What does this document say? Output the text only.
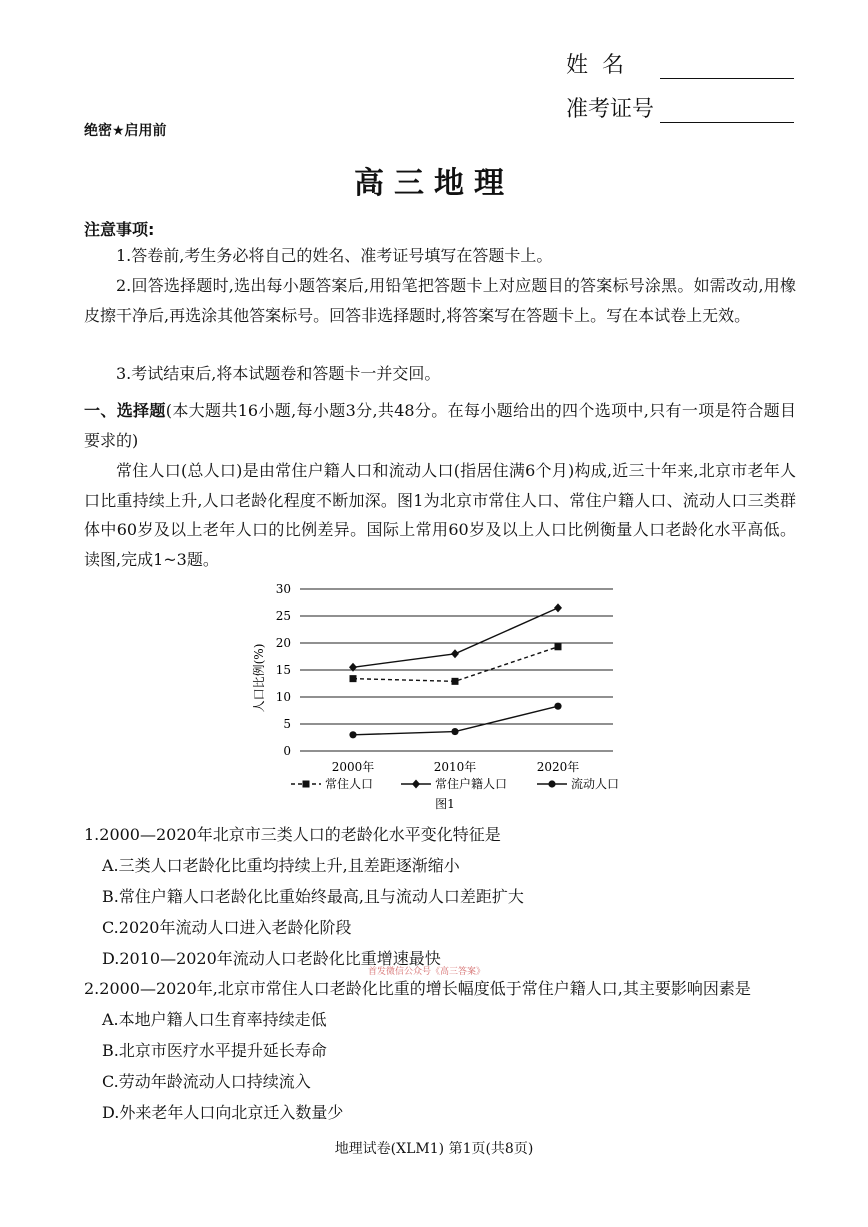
姓  名
准考证号
绝密★启用前
高三地理
注意事项:
1.答卷前,考生务必将自己的姓名、准考证号填写在答题卡上。
2.回答选择题时,选出每小题答案后,用铅笔把答题卡上对应题目的答案标号涂黑。如需改动,用橡皮擦干净后,再选涂其他答案标号。回答非选择题时,将答案写在答题卡上。写在本试卷上无效。
3.考试结束后,将本试题卷和答题卡一并交回。
一、选择题(本大题共16小题,每小题3分,共48分。在每小题给出的四个选项中,只有一项是符合题目要求的)
常住人口(总人口)是由常住户籍人口和流动人口(指居住满6个月)构成,近三十年来,北京市老年人口比重持续上升,人口老龄化程度不断加深。图1为北京市常住人口、常住户籍人口、流动人口三类群体中60岁及以上老年人口的比例差异。国际上常用60岁及以上人口比例衡量人口老龄化水平高低。读图,完成1~3题。
0
5
10
15
20
25
30
2000年	2010年	2020年
人口比例(%)
常住人口	常住户籍人口	流动人口
图1
1.2000—2020年北京市三类人口的老龄化水平变化特征是
A.三类人口老龄化比重均持续上升,且差距逐渐缩小
B.常住户籍人口老龄化比重始终最高,且与流动人口差距扩大
C.2020年流动人口进入老龄化阶段
D.2010—2020年流动人口老龄化比重增速最快
首发微信公众号《高三答案》
2.2000—2020年,北京市常住人口老龄化比重的增长幅度低于常住户籍人口,其主要影响因素是
A.本地户籍人口生育率持续走低
B.北京市医疗水平提升延长寿命
C.劳动年龄流动人口持续流入
D.外来老年人口向北京迁入数量少
地理试卷(XLM1) 第1页(共8页)
